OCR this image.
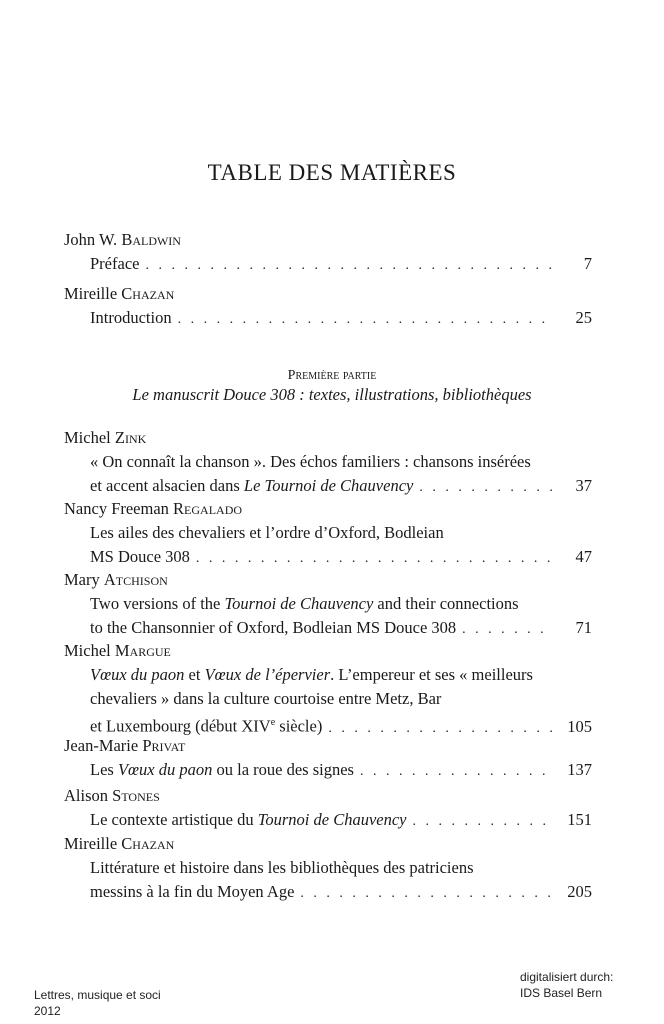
TABLE DES MATIÈRES
John W. Baldwin
Préface . . .	7
Mireille Chazan
Introduction . . .	25
Première partie
Le manuscrit Douce 308 : textes, illustrations, bibliothèques
Michel Zink
« On connaît la chanson ». Des échos familiers : chansons insérées
et accent alsacien dans Le Tournoi de Chauvency . . .	37
Nancy Freeman Regalado
Les ailes des chevaliers et l’ordre d’Oxford, Bodleian
MS Douce 308 . . .	47
Mary Atchison
Two versions of the Tournoi de Chauvency and their connections
to the Chansonnier of Oxford, Bodleian MS Douce 308 . . .	71
Michel Margue
Vœux du paon et Vœux de l’épervier. L’empereur et ses « meilleurs
chevaliers » dans la culture courtoise entre Metz, Bar
et Luxembourg (début XIVe siècle) . . .	105
Jean-Marie Privat
Les Vœux du paon ou la roue des signes . . .	137
Alison Stones
Le contexte artistique du Tournoi de Chauvency . . .	151
Mireille Chazan
Littérature et histoire dans les bibliothèques des patriciens
messins à la fin du Moyen Age . . .	205
Lettres, musique et soci
2012
digitalisiert durch:
IDS Basel Bern
